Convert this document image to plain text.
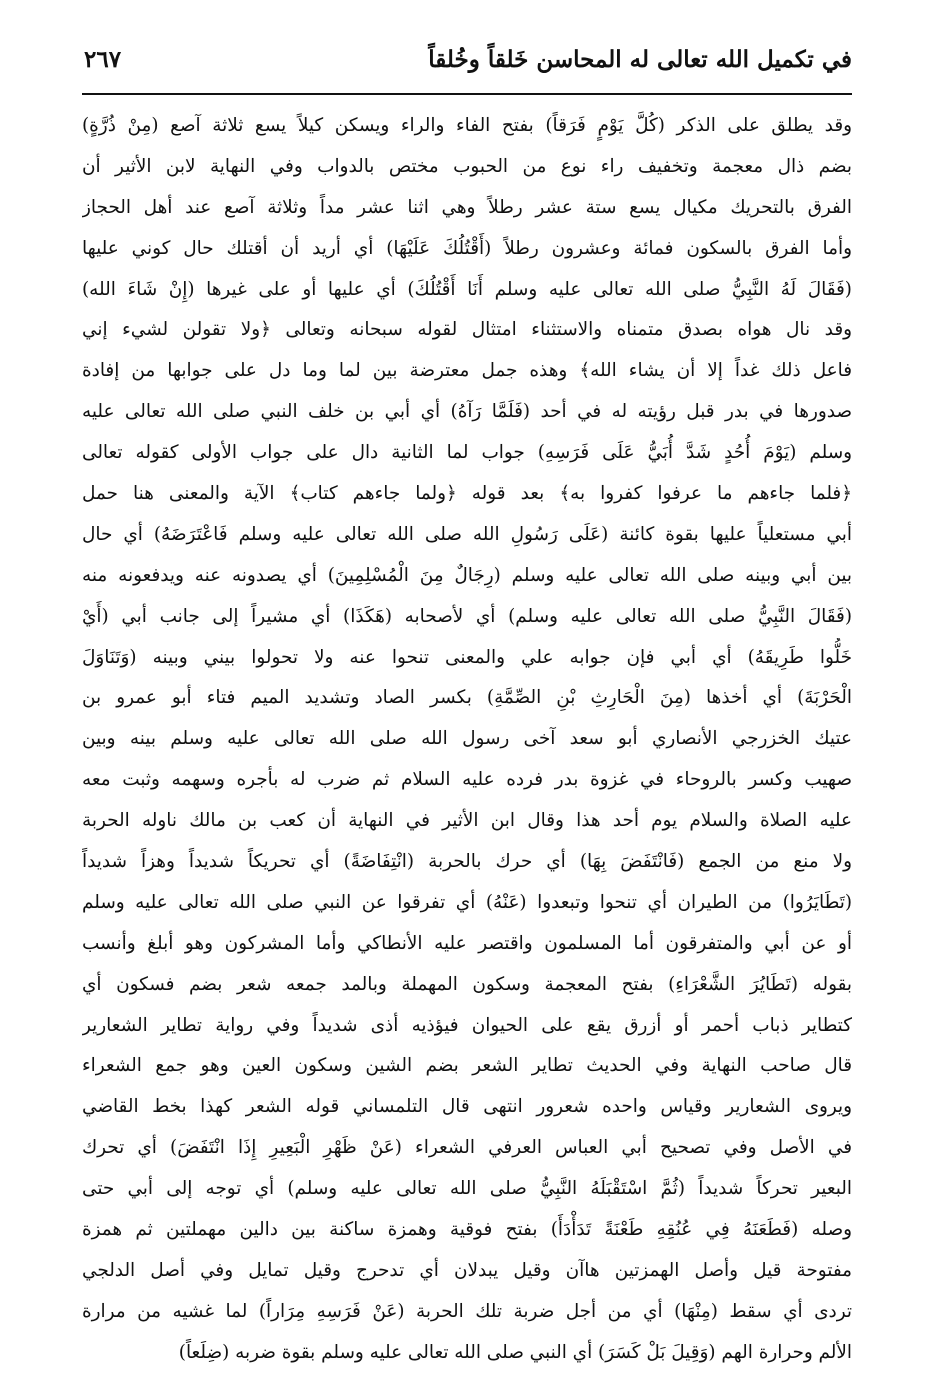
في تكميل الله تعالى له المحاسن خَلقاً وخُلقاً
٢٦٧
وقد يطلق على الذكر (كُلَّ يَوْمٍ فَرَقاً) بفتح الفاء والراء ويسكن كيلاً يسع ثلاثة آصع (مِنْ ذُرَّةٍ)
بضم ذال معجمة وتخفيف راء نوع من الحبوب مختص بالدواب وفي النهاية لابن الأثير أن
الفرق بالتحريك مكيال يسع ستة عشر رطلاً وهي اثنا عشر مداً وثلاثة آصع عند أهل الحجاز
وأما الفرق بالسكون فمائة وعشرون رطلاً (أَقْتُلُكَ عَلَيْهَا) أي أريد أن أقتلك حال كوني عليها
(فَقَالَ لَهُ النَّبِيُّ صلى الله تعالى عليه وسلم أَنَا أَقْتُلُكَ) أي عليها أو على غيرها (إِنْ شَاءَ الله)
وقد نال هواه بصدق متمناه والاستثناء امتثال لقوله سبحانه وتعالى ﴿ولا تقولن لشيء إني
فاعل ذلك غداً إلا أن يشاء الله﴾ وهذه جمل معترضة بين لما وما دل على جوابها من إفادة
صدورها في بدر قبل رؤيته له في أحد (فَلَمَّا رَآهُ) أي أبي بن خلف النبي صلى الله تعالى عليه
وسلم (يَوْمَ أُحُدٍ شَدَّ أُبَيُّ عَلَى فَرَسِهِ) جواب لما الثانية دال على جواب الأولى كقوله تعالى
﴿فلما جاءهم ما عرفوا كفروا به﴾ بعد قوله ﴿ولما جاءهم كتاب﴾ الآية والمعنى هنا حمل
أبي مستعلياً عليها بقوة كائنة (عَلَى رَسُولِ الله صلى الله تعالى عليه وسلم فَاعْتَرَضَهُ) أي حال
بين أبي وبينه صلى الله تعالى عليه وسلم (رِجَالٌ مِنَ الْمُسْلِمِينَ) أي يصدونه عنه ويدفعونه منه
(فَقَالَ النَّبِيُّ صلى الله تعالى عليه وسلم) أي لأصحابه (هَكَذَا) أي مشيراً إلى جانب أبي (أَيْ
خَلُّوا طَرِيقَهُ) أي أبي فإن جوابه علي والمعنى تنحوا عنه ولا تحولوا بيني وبينه (وَتَنَاوَلَ
الْحَرْبَةَ) أي أخذها (مِنَ الْحَارِثِ بْنِ الصِّمَّةِ) بكسر الصاد وتشديد الميم فتاء أبو عمرو بن
عتيك الخزرجي الأنصاري أبو سعد آخى رسول الله صلى الله تعالى عليه وسلم بينه وبين
صهيب وكسر بالروحاء في غزوة بدر فرده عليه السلام ثم ضرب له بأجره وسهمه وثبت معه
عليه الصلاة والسلام يوم أحد هذا وقال ابن الأثير في النهاية أن كعب بن مالك ناوله الحربة
ولا منع من الجمع (فَانْتَفَضَ بِهَا) أي حرك بالحربة (انْتِفَاضَةً) أي تحريكاً شديداً وهزاً شديداً
(تَطَايَرُوا) من الطيران أي تنحوا وتبعدوا (عَنْهُ) أي تفرقوا عن النبي صلى الله تعالى عليه وسلم
أو عن أبي والمتفرقون أما المسلمون واقتصر عليه الأنطاكي وأما المشركون وهو أبلغ وأنسب
بقوله (تَطَايُرَ الشَّعْرَاءِ) بفتح المعجمة وسكون المهملة وبالمد جمعه شعر بضم فسكون أي
كتطاير ذباب أحمر أو أزرق يقع على الحيوان فيؤذيه أذى شديداً وفي رواية تطاير الشعارير
قال صاحب النهاية وفي الحديث تطاير الشعر بضم الشين وسكون العين وهو جمع الشعراء
ويروى الشعارير وقياس واحده شعرور انتهى قال التلمساني قوله الشعر كهذا بخط القاضي
في الأصل وفي تصحيح أبي العباس العرفي الشعراء (عَنْ ظَهْرِ الْبَعِيرِ إِذَا انْتَفَضَ) أي تحرك
البعير تحركاً شديداً (ثُمَّ اسْتَقْبَلَهُ النَّبِيُّ صلى الله تعالى عليه وسلم) أي توجه إلى أبي حتى
وصله (فَطَعَنَهُ فِي عُنُقِهِ طَعْنَةً تَدَأْدَأَ) بفتح فوقية وهمزة ساكنة بين دالين مهملتين ثم همزة
مفتوحة قيل وأصل الهمزتين هاآن وقيل يبدلان أي تدحرج وقيل تمايل وفي أصل الدلجي
تردى أي سقط (مِنْهَا) أي من أجل ضربة تلك الحربة (عَنْ فَرَسِهِ مِرَاراً) لما غشيه من مرارة
الألم وحرارة الهم (وَقِيلَ بَلْ كَسَرَ) أي النبي صلى الله تعالى عليه وسلم بقوة ضربه (ضِلَعاً)
